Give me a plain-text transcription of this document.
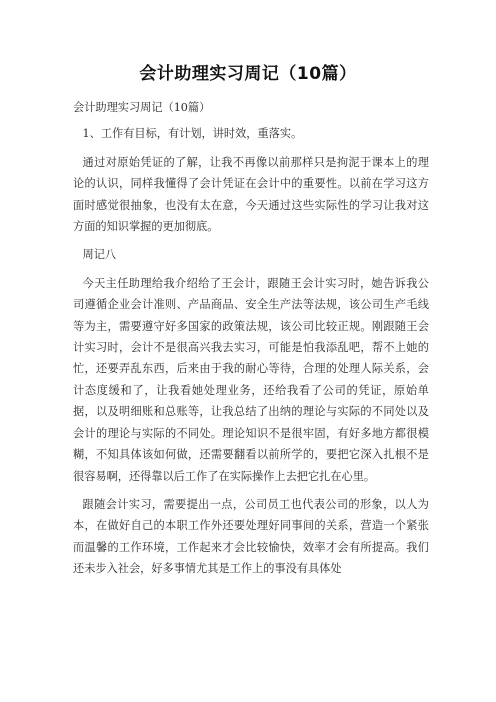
会计助理实习周记（10篇）

会计助理实习周记（10篇）

1、工作有目标，有计划，讲时效，重落实。

通过对原始凭证的了解，让我不再像以前那样只是拘泥于课本上的理论的认识，同样我懂得了会计凭证在会计中的重要性。以前在学习这方面时感觉很抽象，也没有太在意，今天通过这些实际性的学习让我对这方面的知识掌握的更加彻底。

周记八

今天主任助理给我介绍给了王会计，跟随王会计实习时，她告诉我公司遵循企业会计准则、产品商品、安全生产法等法规，该公司生产毛线等为主，需要遵守好多国家的政策法规，该公司比较正规。刚跟随王会计实习时，会计不是很高兴我去实习，可能是怕我添乱吧，帮不上她的忙，还要弄乱东西，后来由于我的耐心等待，合理的处理人际关系，会计态度缓和了，让我看她处理业务，还给我看了公司的凭证，原始单据，以及明细账和总账等，让我总结了出纳的理论与实际的不同处以及会计的理论与实际的不同处。理论知识不是很牢固，有好多地方都很模糊，不知具体该如何做，还需要翻看以前所学的，要把它深入扎根不是很容易啊，还得靠以后工作了在实际操作上去把它扎在心里。

跟随会计实习，需要提出一点，公司员工也代表公司的形象，以人为本，在做好自己的本职工作外还要处理好同事间的关系，营造一个紧张而温馨的工作环境，工作起来才会比较愉快，效率才会有所提高。我们还未步入社会，好多事情尤其是工作上的事没有具体处
